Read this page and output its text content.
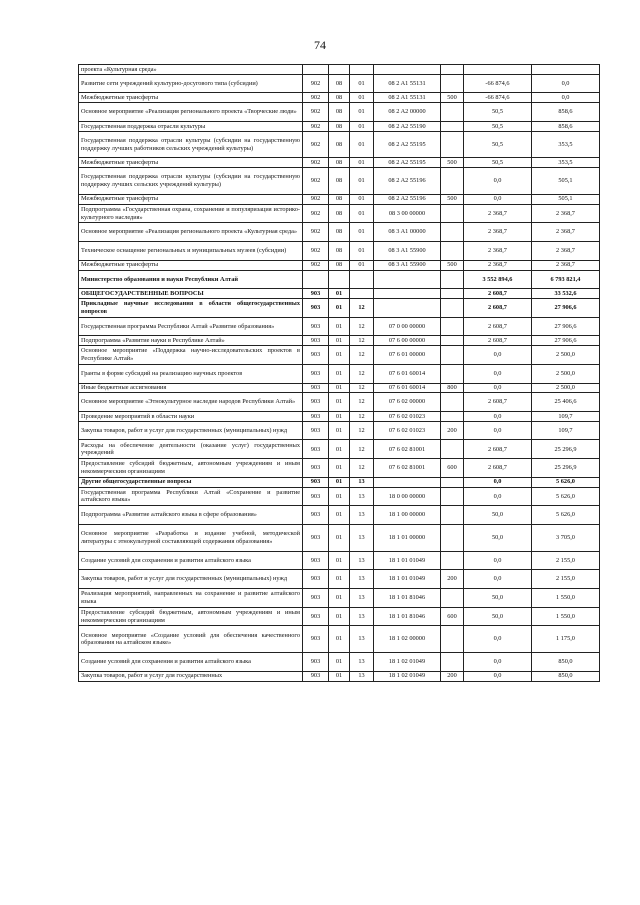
74
проекта «Культурная среда»							
Развитие сети учреждений культурно-досугового типа (субсидии)	902	08	01	08 2 A1 55131		-66 874,6	0,0
Межбюджетные трансферты	902	08	01	08 2 A1 55131	500	-66 874,6	0,0
Основное мероприятие «Реализация регионального проекта «Творческие люди»	902	08	01	08 2 A2 00000		50,5	858,6
Государственная поддержка отрасли культуры	902	08	01	08 2 A2 55190		50,5	858,6
Государственная поддержка отрасли культуры (субсидии на государственную поддержку лучших работников сельских учреждений культуры)	902	08	01	08 2 A2 55195		50,5	353,5
Межбюджетные трансферты	902	08	01	08 2 A2 55195	500	50,5	353,5
Государственная поддержка отрасли культуры (субсидии на государственную поддержку лучших сельских учреждений культуры)	902	08	01	08 2 A2 55196		0,0	505,1
Межбюджетные трансферты	902	08	01	08 2 A2 55196	500	0,0	505,1
Подпрограмма «Государственная охрана, сохранение и популяризация историко-культурного наследия»	902	08	01	08 3 00 00000		2 368,7	2 368,7
Основное мероприятие «Реализация регионального проекта «Культурная среда»	902	08	01	08 3 A1 00000		2 368,7	2 368,7
Техническое оснащение региональных и муниципальных музеев (субсидии)	902	08	01	08 3 A1 55900		2 368,7	2 368,7
Межбюджетные трансферты	902	08	01	08 3 A1 55900	500	2 368,7	2 368,7
Министерство образования и науки Республики Алтай						3 552 894,6	6 793 821,4
ОБЩЕГОСУДАРСТВЕННЫЕ ВОПРОСЫ	903	01				2 608,7	33 532,6
Прикладные научные исследования в области общегосударственных вопросов	903	01	12			2 608,7	27 906,6
Государственная программа Республики Алтай «Развитие образования»	903	01	12	07 0 00 00000		2 608,7	27 906,6
Подпрограмма «Развитие науки в Республике Алтай»	903	01	12	07 6 00 00000		2 608,7	27 906,6
Основное мероприятие «Поддержка научно-исследовательских проектов в Республике Алтай»	903	01	12	07 6 01 00000		0,0	2 500,0
Гранты в форме субсидий на реализацию научных проектов	903	01	12	07 6 01 60014		0,0	2 500,0
Иные бюджетные ассигнования	903	01	12	07 6 01 60014	800	0,0	2 500,0
Основное мероприятие «Этнокультурное наследие народов Республики Алтай»	903	01	12	07 6 02 00000		2 608,7	25 406,6
Проведение мероприятий в области науки	903	01	12	07 6 02 01023		0,0	109,7
Закупка товаров, работ и услуг для государственных (муниципальных) нужд	903	01	12	07 6 02 01023	200	0,0	109,7
Расходы на обеспечение деятельности (оказание услуг) государственных учреждений	903	01	12	07 6 02 81001		2 608,7	25 296,9
Предоставление субсидий бюджетным, автономным учреждениям и иным некоммерческим организациям	903	01	12	07 6 02 81001	600	2 608,7	25 296,9
Другие общегосударственные вопросы	903	01	13			0,0	5 626,0
Государственная программа Республики Алтай «Сохранение и развитие алтайского языка»	903	01	13	18 0 00 00000		0,0	5 626,0
Подпрограмма «Развитие алтайского языка в сфере образования»	903	01	13	18 1 00 00000		50,0	5 626,0
Основное мероприятие «Разработка и издание учебной, методической литературы с этнокультурной составляющей содержания образования»	903	01	13	18 1 01 00000		50,0	3 705,0
Создание условий для сохранения и развития алтайского языка	903	01	13	18 1 01 01049		0,0	2 155,0
Закупка товаров, работ и услуг для государственных (муниципальных) нужд	903	01	13	18 1 01 01049	200	0,0	2 155,0
Реализация мероприятий, направленных на сохранение и развитие алтайского языка	903	01	13	18 1 01 81046		50,0	1 550,0
Предоставление субсидий бюджетным, автономным учреждениям и иным некоммерческим организациям	903	01	13	18 1 01 81046	600	50,0	1 550,0
Основное мероприятие «Создание условий для обеспечения качественного образования на алтайском языке»	903	01	13	18 1 02 00000		0,0	1 175,0
Создание условий для сохранения и развития алтайского языка	903	01	13	18 1 02 01049		0,0	850,0
Закупка товаров, работ и услуг для государственных	903	01	13	18 1 02 01049	200	0,0	850,0
